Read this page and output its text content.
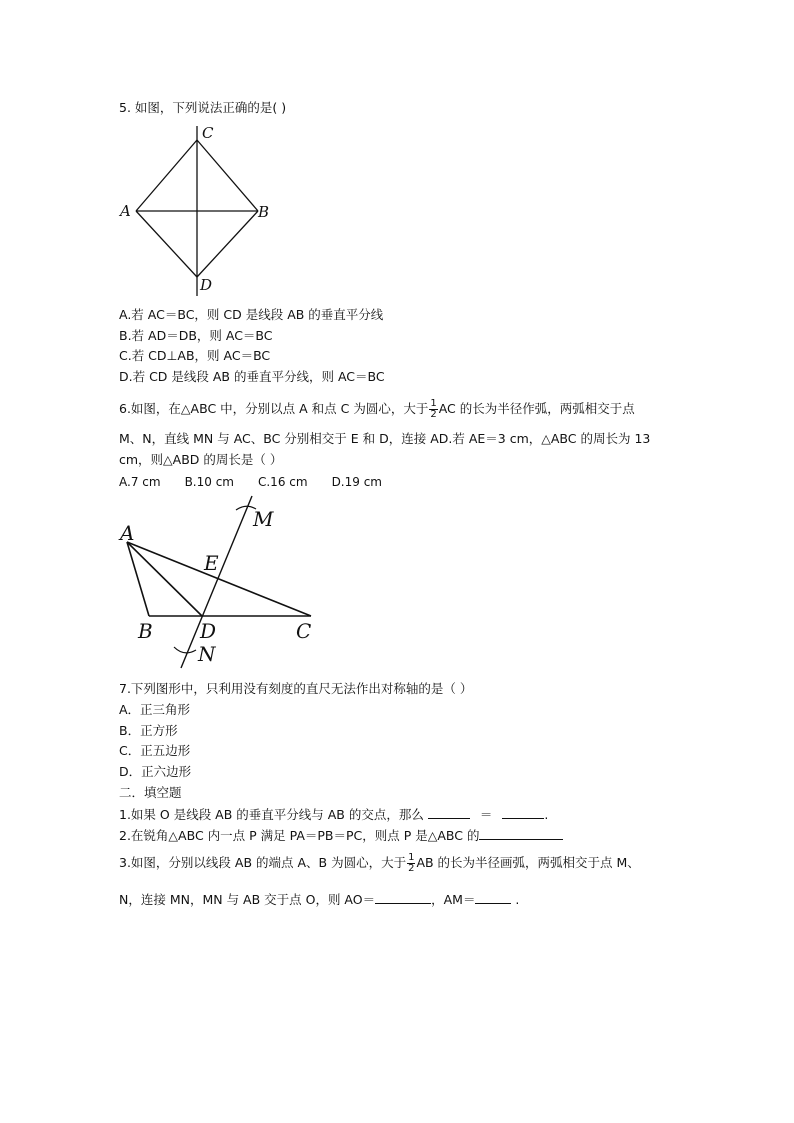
5. 如图，下列说法正确的是( )
C
A	B
D
A.若 AC＝BC，则 CD 是线段 AB 的垂直平分线
B.若 AD＝DB，则 AC＝BC
C.若 CD⊥AB，则 AC＝BC
D.若 CD 是线段 AB 的垂直平分线，则 AC＝BC
6.如图，在△ABC 中，分别以点 A 和点 C 为圆心，大于 $\frac{1}{2}$ AC 的长为半径作弧，两弧相交于点
M、N，直线 MN 与 AC、BC 分别相交于 E 和 D，连接 AD.若 AE＝3 cm，△ABC 的周长为 13
cm，则△ABD 的周长是（ ）
A.7 cm B.10 cm C.16 cm D.19 cm
A
B	C
D
E
M
N
7.下列图形中，只利用没有刻度的直尺无法作出对称轴的是（ ）
A．正三角形
B．正方形
C．正五边形
D．正六边形
二．填空题
1.如果 O 是线段 AB 的垂直平分线与 AB 的交点，那么	＝	.
2.在锐角△ABC 内一点 P 满足 PA＝PB＝PC，则点 P 是△ABC 的
3.如图，分别以线段 AB 的端点 A、B 为圆心，大于 $\frac{1}{2}$ AB 的长为半径画弧，两弧相交于点 M、
N，连接 MN，MN 与 AB 交于点 O，则 AO＝	，AM＝	.
